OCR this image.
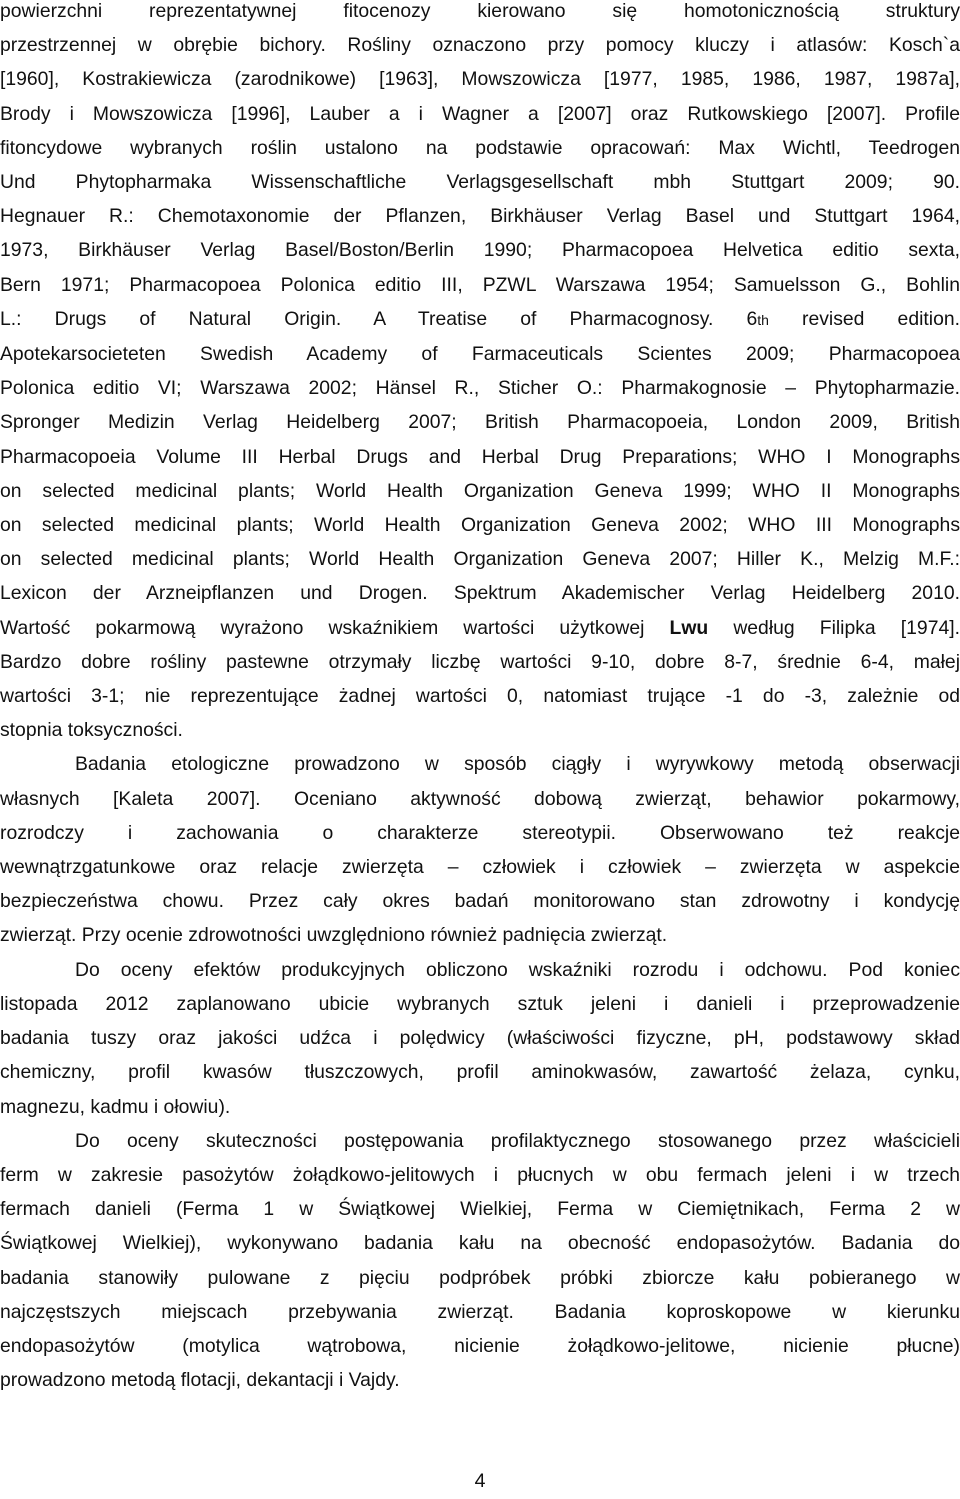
powierzchni reprezentatywnej fitocenozy kierowano się homotonicznością struktury
przestrzennej w obrębie bichory. Rośliny oznaczono przy pomocy kluczy i atlasów: Kosch`a
[1960], Kostrakiewicza (zarodnikowe) [1963], Mowszowicza [1977, 1985, 1986, 1987, 1987a],
Brody i Mowszowicza [1996], Lauber a i Wagner a [2007] oraz Rutkowskiego [2007]. Profile
fitoncydowe wybranych roślin ustalono na podstawie opracowań: Max Wichtl, Teedrogen
Und Phytopharmaka Wissenschaftliche Verlagsgesellschaft mbh Stuttgart 2009; 90.
Hegnauer R.: Chemotaxonomie der Pflanzen, Birkhäuser Verlag Basel und Stuttgart 1964,
1973, Birkhäuser Verlag Basel/Boston/Berlin 1990; Pharmacopoea Helvetica editio sexta,
Bern 1971; Pharmacopoea Polonica editio III, PZWL Warszawa 1954; Samuelsson G., Bohlin
L.: Drugs of Natural Origin. A Treatise of Pharmacognosy. 6th revised edition.
Apotekarsocieteten Swedish Academy of Farmaceuticals Scientes 2009; Pharmacopoea
Polonica editio VI; Warszawa 2002; Hänsel R., Sticher O.: Pharmakognosie – Phytopharmazie.
Spronger Medizin Verlag Heidelberg 2007; British Pharmacopoeia, London 2009, British
Pharmacopoeia Volume III Herbal Drugs and Herbal Drug Preparations; WHO I Monographs
on selected medicinal plants; World Health Organization Geneva 1999; WHO II Monographs
on selected medicinal plants; World Health Organization Geneva 2002; WHO III Monographs
on selected medicinal plants; World Health Organization Geneva 2007; Hiller K., Melzig M.F.:
Lexicon der Arzneipflanzen und Drogen. Spektrum Akademischer Verlag Heidelberg 2010.
Wartość pokarmową wyrażono wskaźnikiem wartości użytkowej Lwu według Filipka [1974].
Bardzo dobre rośliny pastewne otrzymały liczbę wartości 9-10, dobre 8-7, średnie 6-4, małej
wartości 3-1; nie reprezentujące żadnej wartości 0, natomiast trujące -1 do -3, zależnie od
stopnia toksyczności.
Badania etologiczne prowadzono w sposób ciągły i wyrywkowy metodą obserwacji
własnych [Kaleta 2007]. Oceniano aktywność dobową zwierząt, behawior pokarmowy,
rozrodczy i zachowania o charakterze stereotypii. Obserwowano też reakcje
wewnątrzgatunkowe oraz relacje zwierzęta – człowiek i człowiek – zwierzęta w aspekcie
bezpieczeństwa chowu. Przez cały okres badań monitorowano stan zdrowotny i kondycję
zwierząt. Przy ocenie zdrowotności uwzględniono również padnięcia zwierząt.
Do oceny efektów produkcyjnych obliczono wskaźniki rozrodu i odchowu. Pod koniec
listopada 2012 zaplanowano ubicie wybranych sztuk jeleni i danieli i przeprowadzenie
badania tuszy oraz jakości udźca i polędwicy (właściwości fizyczne, pH, podstawowy skład
chemiczny, profil kwasów tłuszczowych, profil aminokwasów, zawartość żelaza, cynku,
magnezu, kadmu i ołowiu).
Do oceny skuteczności postępowania profilaktycznego stosowanego przez właścicieli
ferm w zakresie pasożytów żołądkowo-jelitowych i płucnych w obu fermach jeleni i w trzech
fermach danieli (Ferma 1 w Świątkowej Wielkiej, Ferma w Ciemiętnikach, Ferma 2 w
Świątkowej Wielkiej), wykonywano badania kału na obecność endopasożytów. Badania do
badania stanowiły pulowane z pięciu podpróbek próbki zbiorcze kału pobieranego w
najczęstszych miejscach przebywania zwierząt. Badania koproskopowe w kierunku
endopasożytów (motylica wątrobowa, nicienie żołądkowo-jelitowe, nicienie płucne)
prowadzono metodą flotacji, dekantacji i Vajdy.
4
